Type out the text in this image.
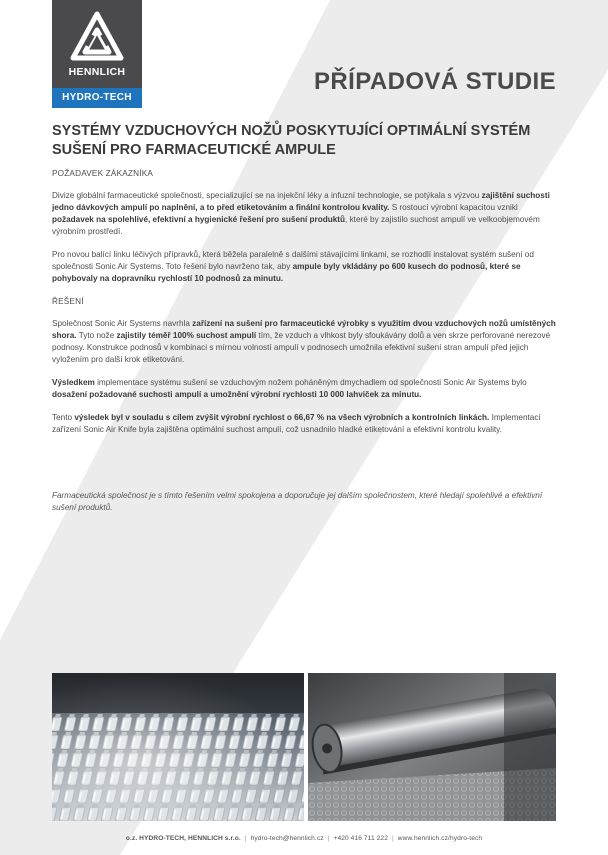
HENNLICH
HYDRO-TECH
PŘÍPADOVÁ STUDIE
SYSTÉMY VZDUCHOVÝCH NOŽŮ POSKYTUJÍCÍ OPTIMÁLNÍ SYSTÉM SUŠENÍ PRO FARMACEUTICKÉ AMPULE
POŽADAVEK ZÁKAZNÍKA

Divize globální farmaceutické společnosti, specializující se na injekční léky a infuzní technologie, se potýkala s výzvou zajištění suchosti jedno dávkových ampulí po naplnění, a to před etiketováním a finální kontrolou kvality. S rostoucí výrobní kapacitou vznikl požadavek na spolehlivé, efektivní a hygienické řešení pro sušení produktů, které by zajistilo suchost ampulí ve velkoobjemovém výrobním prostředí.

Pro novou balící linku léčivých přípravků, která běžela paralelně s dalšími stávajícími linkami, se rozhodlí instalovat systém sušení od společnosti Sonic Air Systems. Toto řešení bylo navrženo tak, aby ampule byly vkládány po 600 kusech do podnosů, které se pohybovaly na dopravníku rychlostí 10 podnosů za minutu.

ŘEŠENÍ

Společnost Sonic Air Systems navrhla zařízení na sušení pro farmaceutické výrobky s využitím dvou vzduchových nožů umístěných shora. Tyto nože zajistily téměř 100% suchost ampulí tím, že vzduch a vlhkost byly sfoukávány dolů a ven skrze perforované nerezové podnosy. Konstrukce podnosů v kombinaci s mírnou volností ampulí v podnosech umožnila efektivní sušení stran ampulí před jejich vyložením pro další krok etiketování.

Výsledkem implementace systému sušení se vzduchovým nožem poháněným dmychadlem od společnosti Sonic Air Systems bylo dosažení požadované suchosti ampulí a umožnění výrobní rychlosti 10 000 lahviček za minutu.

Tento výsledek byl v souladu s cílem zvýšit výrobní rychlost o 66,67 % na všech výrobních a kontrolních linkách. Implementací zařízení Sonic Air Knife byla zajištěna optimální suchost ampulí, což usnadnilo hladké etiketování a efektivní kontrolu kvality.

Farmaceutická společnost je s tímto řešením velmi spokojena a doporučuje jej dalším společnostem, které hledají spolehlivé a efektivní sušení produktů.

o.z. HYDRO-TECH, HENNLICH s.r.o. | hydro-tech@hennlich.cz | +420 416 711 222 | www.hennlich.cz/hydro-tech
